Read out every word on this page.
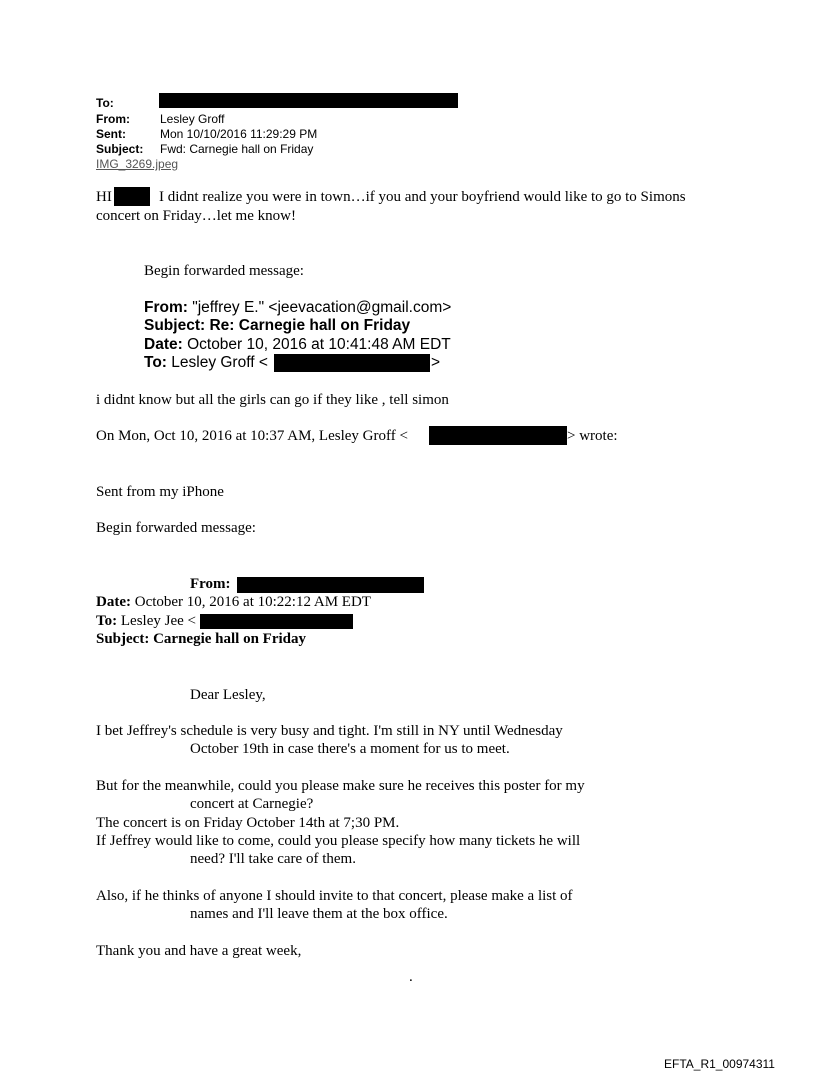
To:
From:	Lesley Groff
Sent:	Mon 10/10/2016 11:29:29 PM
Subject: Fwd: Carnegie hall on Friday
IMG_3269.jpeg
HI	I didnt realize you were in town…if you and your boyfriend would like to go to Simons
concert on Friday…let me know!
Begin forwarded message:
From: "jeffrey E." <jeevacation@gmail.com>
Subject: Re: Carnegie hall on Friday
Date: October 10, 2016 at 10:41:48 AM EDT
To: Lesley Groff <	>
i didnt know but all the girls can go if they like , tell simon
On Mon, Oct 10, 2016 at 10:37 AM, Lesley Groff <	> wrote:
Sent from my iPhone
Begin forwarded message:
From:
Date: October 10, 2016 at 10:22:12 AM EDT
To: Lesley Jee <
Subject: Carnegie hall on Friday
Dear Lesley,
I bet Jeffrey's schedule is very busy and tight. I'm still in NY until Wednesday
October 19th in case there's a moment for us to meet.
But for the meanwhile, could you please make sure he receives this poster for my
concert at Carnegie?
The concert is on Friday October 14th at 7;30 PM.
If Jeffrey would like to come, could you please specify how many tickets he will
need? I'll take care of them.
Also, if he thinks of anyone I should invite to that concert, please make a list of
names and I'll leave them at the box office.
Thank you and have a great week,
.
EFTA_R1_00974311
